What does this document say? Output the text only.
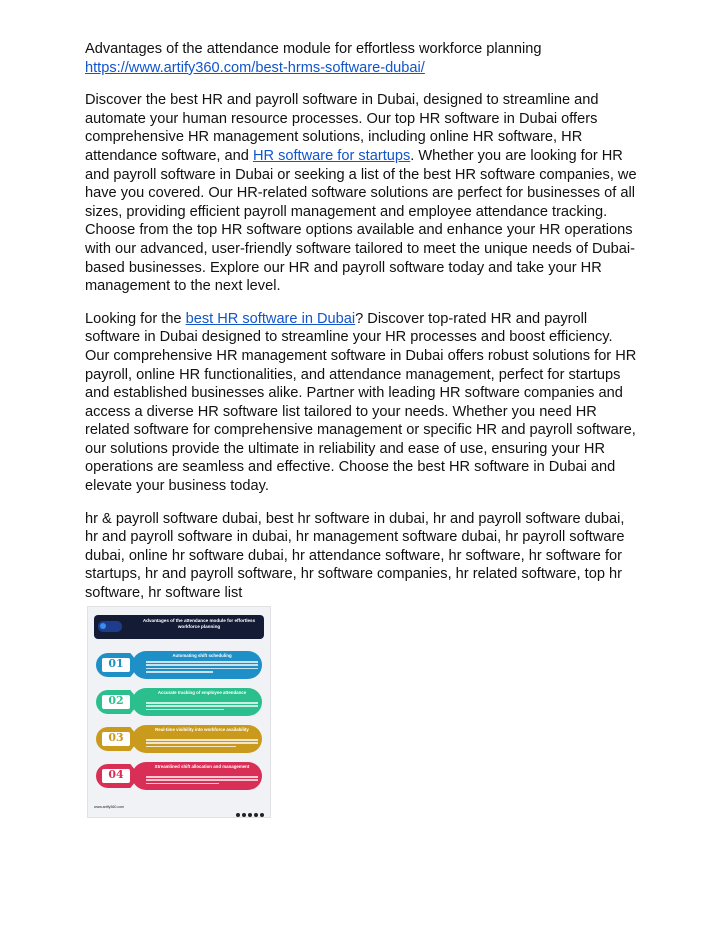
Advantages of the attendance module for effortless workforce planning
https://www.artify360.com/best-hrms-software-dubai/

Discover the best HR and payroll software in Dubai, designed to streamline and automate your human resource processes. Our top HR software in Dubai offers comprehensive HR management solutions, including online HR software, HR attendance software, and HR software for startups. Whether you are looking for HR and payroll software in Dubai or seeking a list of the best HR software companies, we have you covered. Our HR-related software solutions are perfect for businesses of all sizes, providing efficient payroll management and employee attendance tracking. Choose from the top HR software options available and enhance your HR operations with our advanced, user-friendly software tailored to meet the unique needs of Dubai-based businesses. Explore our HR and payroll software today and take your HR management to the next level.

Looking for the best HR software in Dubai? Discover top-rated HR and payroll software in Dubai designed to streamline your HR processes and boost efficiency. Our comprehensive HR management software in Dubai offers robust solutions for HR payroll, online HR functionalities, and attendance management, perfect for startups and established businesses alike. Partner with leading HR software companies and access a diverse HR software list tailored to your needs. Whether you need HR related software for comprehensive management or specific HR and payroll software, our solutions provide the ultimate in reliability and ease of use, ensuring your HR operations are seamless and effective. Choose the best HR software in Dubai and elevate your business today.

hr & payroll software dubai, best hr software in dubai, hr and payroll software dubai, hr and payroll software in dubai, hr management software dubai, hr payroll software dubai, online hr software dubai, hr attendance software, hr software, hr software for startups, hr and payroll software, hr software companies, hr related software, top hr software, hr software list

Advantages of the attendance module for effortless workforce planning
01
Automating shift scheduling
02
Accurate tracking of employee attendance
03
Real-time visibility into workforce availability
04
Streamlined shift allocation and management
www.artify360.com
